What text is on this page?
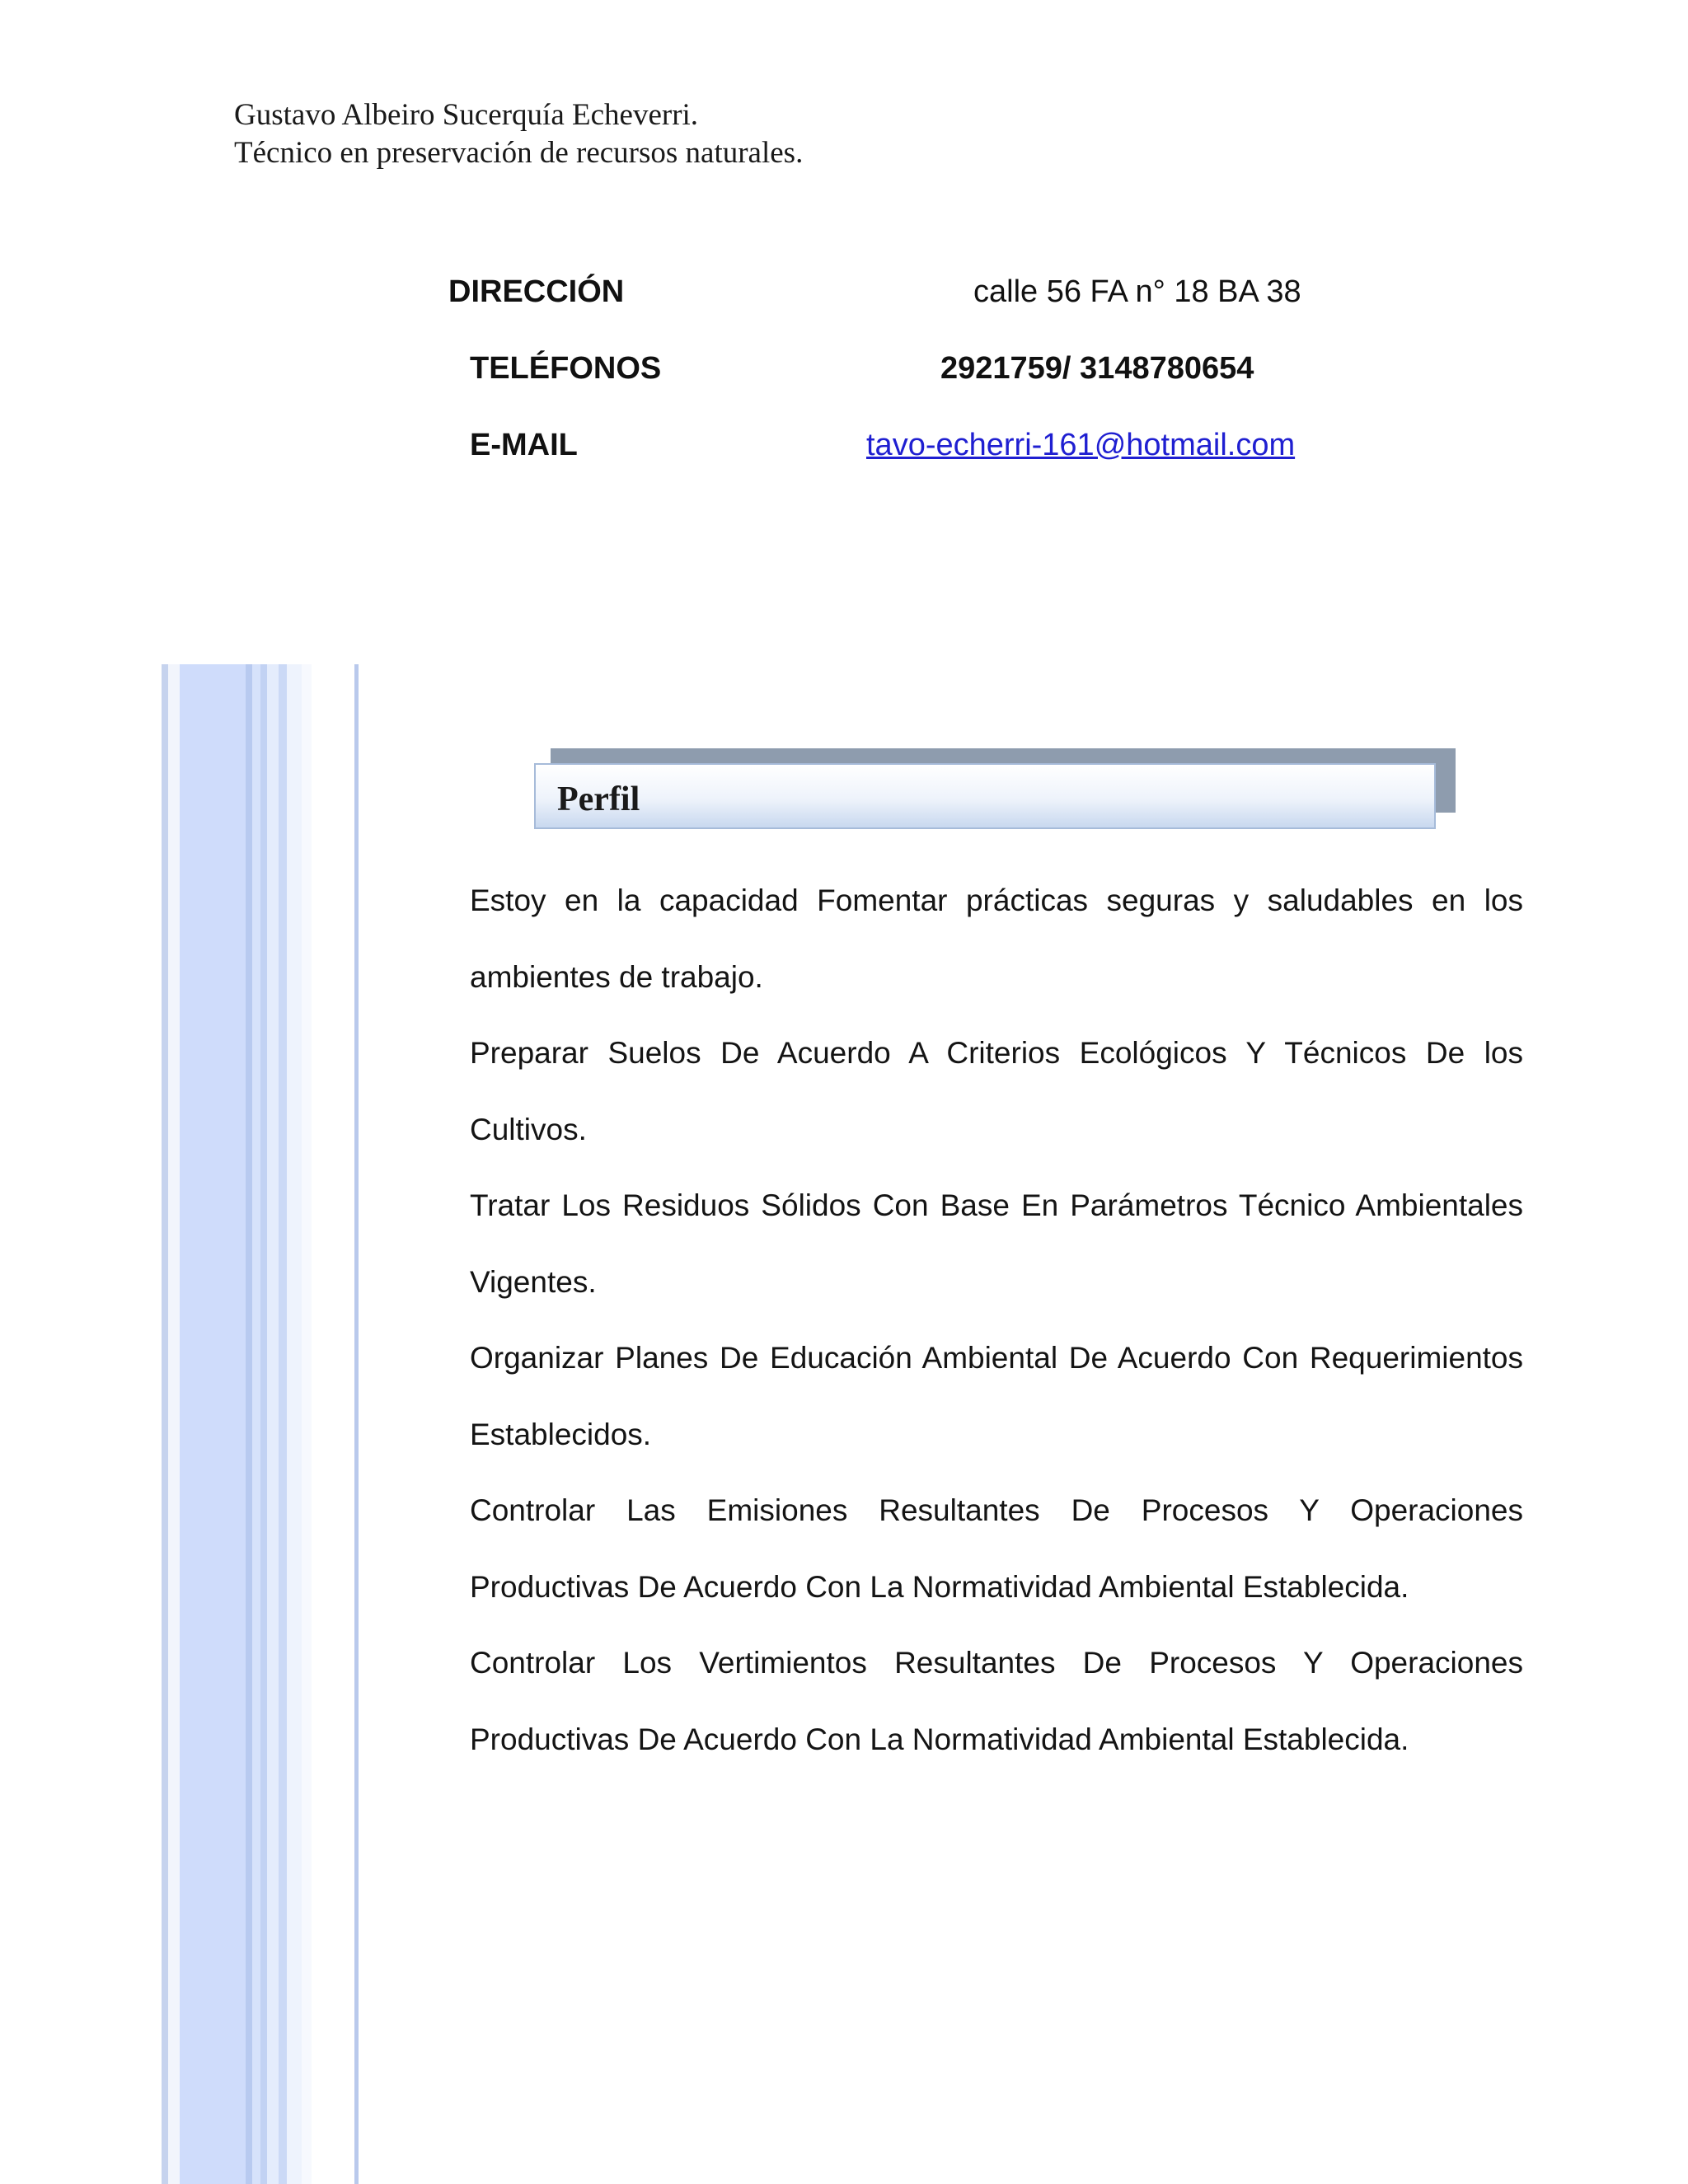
Gustavo Albeiro Sucerquía Echeverri.

Técnico en preservación de recursos naturales.

DIRECCIÓN	calle 56 FA n° 18 BA 38
TELÉFONOS	2921759/ 3148780654
E-MAIL	tavo-echerri-161@hotmail.com
Perfil

Estoy en la capacidad Fomentar prácticas seguras y saludables en los ambientes de trabajo.

Preparar Suelos De Acuerdo A Criterios Ecológicos Y Técnicos De los Cultivos.

Tratar Los Residuos Sólidos Con Base En Parámetros Técnico Ambientales Vigentes.

Organizar Planes De Educación Ambiental De Acuerdo Con Requerimientos Establecidos.

Controlar Las Emisiones Resultantes De Procesos Y Operaciones Productivas De Acuerdo Con La Normatividad Ambiental Establecida.

Controlar Los Vertimientos Resultantes De Procesos Y Operaciones Productivas De Acuerdo Con La Normatividad Ambiental Establecida.
